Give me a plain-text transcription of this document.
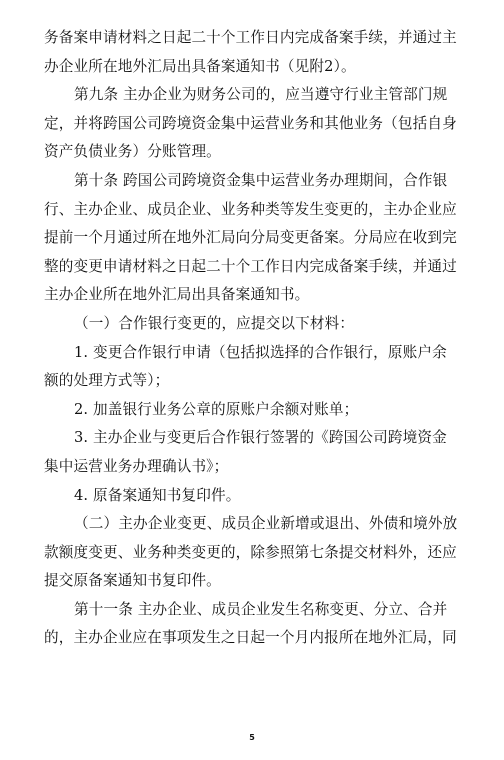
务备案申请材料之日起二十个工作日内完成备案手续，并通过主
办企业所在地外汇局出具备案通知书（见附2）。
第九条 主办企业为财务公司的，应当遵守行业主管部门规
定，并将跨国公司跨境资金集中运营业务和其他业务（包括自身
资产负债业务）分账管理。
第十条 跨国公司跨境资金集中运营业务办理期间，合作银
行、主办企业、成员企业、业务种类等发生变更的，主办企业应
提前一个月通过所在地外汇局向分局变更备案。分局应在收到完
整的变更申请材料之日起二十个工作日内完成备案手续，并通过
主办企业所在地外汇局出具备案通知书。
（一）合作银行变更的，应提交以下材料：
1. 变更合作银行申请（包括拟选择的合作银行，原账户余
额的处理方式等）；
2. 加盖银行业务公章的原账户余额对账单；
3. 主办企业与变更后合作银行签署的《跨国公司跨境资金
集中运营业务办理确认书》；
4. 原备案通知书复印件。
（二）主办企业变更、成员企业新增或退出、外债和境外放
款额度变更、业务种类变更的，除参照第七条提交材料外，还应
提交原备案通知书复印件。
第十一条 主办企业、成员企业发生名称变更、分立、合并
的，主办企业应在事项发生之日起一个月内报所在地外汇局，同
5
